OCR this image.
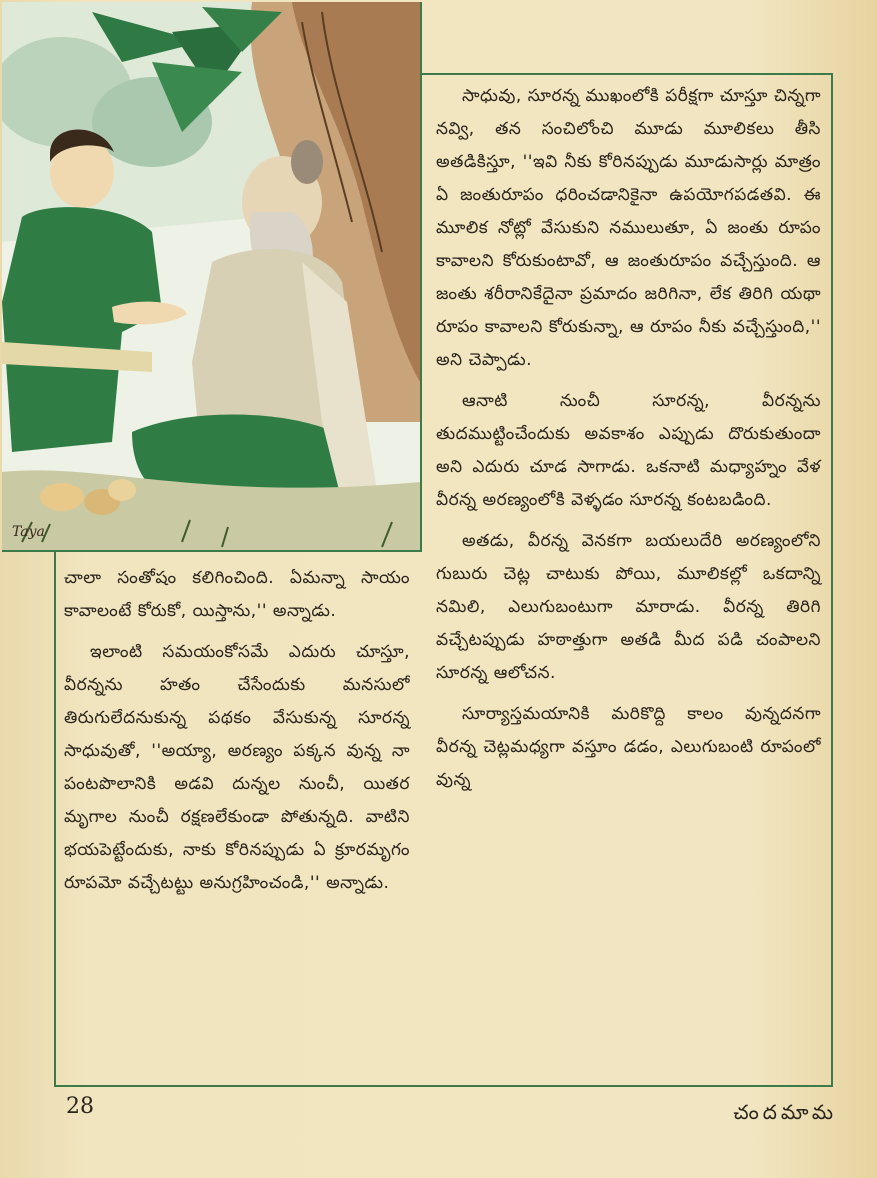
Taya

సాధువు, సూరన్న ముఖంలోకి పరీక్షగా చూస్తూ చిన్నగా నవ్వి, తన సంచిలోంచి మూడు మూలికలు తీసి అతడికిస్తూ, ''ఇవి నీకు కోరినప్పుడు మూడుసార్లు మాత్రం ఏ జంతురూపం ధరించడానికైనా ఉపయోగపడతవి. ఈ మూలిక నోట్లో వేసుకుని నములుతూ, ఏ జంతు రూపం కావాలని కోరుకుంటావో, ఆ జంతురూపం వచ్చేస్తుంది. ఆ జంతు శరీరానికేదైనా ప్రమాదం జరిగినా, లేక తిరిగి యథా రూపం కావాలని కోరుకున్నా, ఆ రూపం నీకు వచ్చేస్తుంది,'' అని చెప్పాడు.

ఆనాటి నుంచీ సూరన్న, వీరన్నను తుదముట్టించేందుకు అవకాశం ఎప్పుడు దొరుకుతుందా అని ఎదురు చూడ సాగాడు. ఒకనాటి మధ్యాహ్నం వేళ వీరన్న అరణ్యంలోకి వెళ్ళడం సూరన్న కంటబడింది.

అతడు, వీరన్న వెనకగా బయలుదేరి అరణ్యంలోని గుబురు చెట్ల చాటుకు పోయి, మూలికల్లో ఒకదాన్ని నమిలి, ఎలుగుబంటుగా మారాడు. వీరన్న తిరిగి వచ్చేటప్పుడు హఠాత్తుగా అతడి మీద పడి చంపాలని సూరన్న ఆలోచన.

సూర్యాస్తమయానికి మరికొద్ది కాలం వున్నదనగా వీరన్న చెట్లమధ్యగా వస్తూం డడం, ఎలుగుబంటి రూపంలో వున్న

చాలా సంతోషం కలిగించింది. ఏమన్నా సాయం కావాలంటే కోరుకో, యిస్తాను,'' అన్నాడు.

ఇలాంటి సమయంకోసమే ఎదురు చూస్తూ, వీరన్నను హతం చేసేందుకు మనసులో తిరుగులేదనుకున్న పథకం వేసుకున్న సూరన్న సాధువుతో, ''అయ్యా, అరణ్యం పక్కన వున్న నా పంటపొలానికి అడవి దున్నల నుంచీ, యితర మృగాల నుంచీ రక్షణలేకుండా పోతున్నది. వాటిని భయపెట్టేందుకు, నాకు కోరినప్పుడు ఏ క్రూరమృగం రూపమో వచ్చేటట్టు అనుగ్రహించండి,'' అన్నాడు.

28	చందమామ
